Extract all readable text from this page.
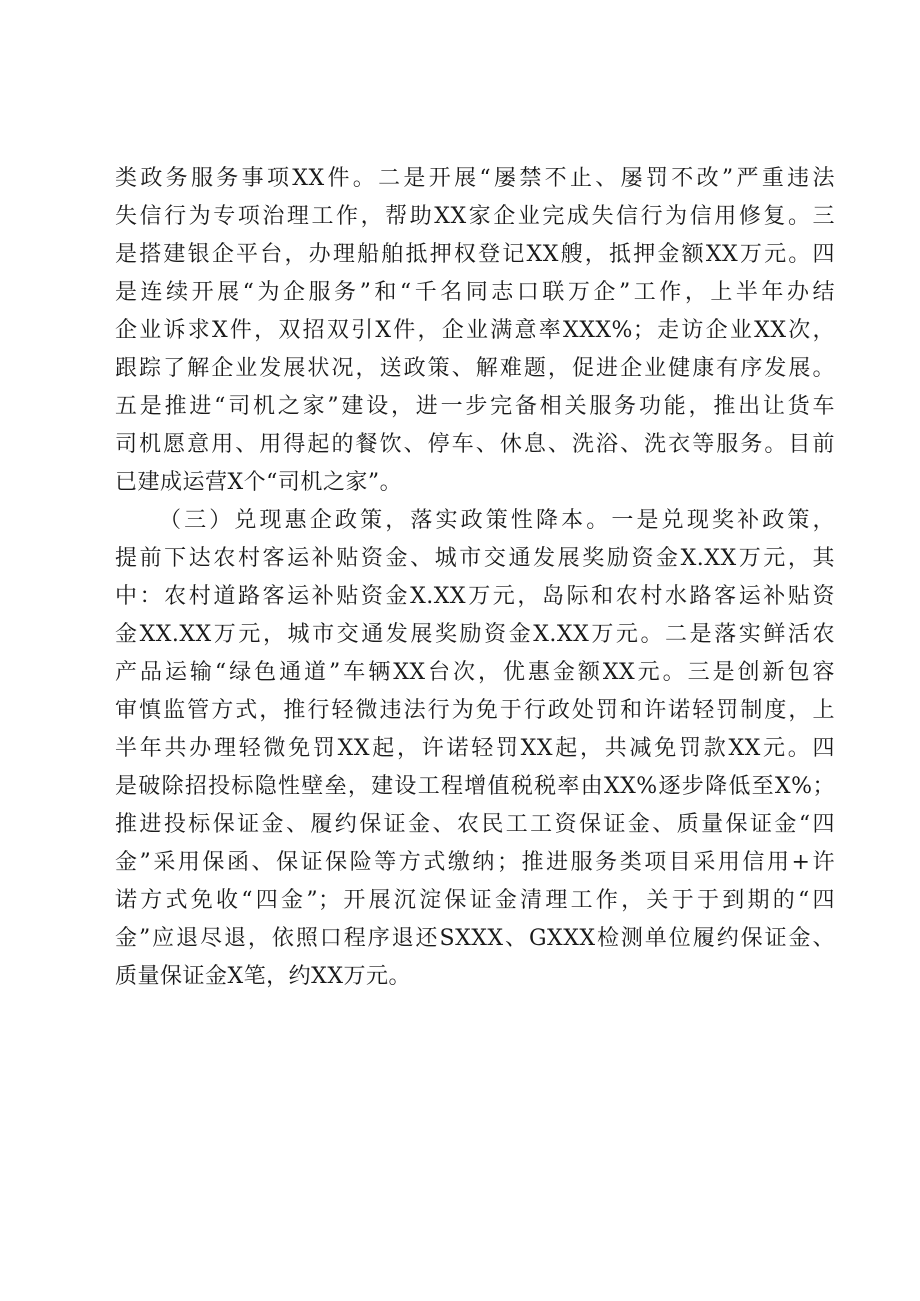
类政务服务事项XX件。二是开展“屡禁不止、屡罚不改”严重违法
失信行为专项治理工作，帮助XX家企业完成失信行为信用修复。三
是搭建银企平台，办理船舶抵押权登记XX艘，抵押金额XX万元。四
是连续开展“为企服务”和“千名同志口联万企”工作，上半年办结
企业诉求X件，双招双引X件，企业满意率XXX%；走访企业XX次，
跟踪了解企业发展状况，送政策、解难题，促进企业健康有序发展。
五是推进“司机之家”建设，进一步完备相关服务功能，推出让货车
司机愿意用、用得起的餐饮、停车、休息、洗浴、洗衣等服务。目前
已建成运营X个“司机之家”。
（三）兑现惠企政策，落实政策性降本。一是兑现奖补政策，
提前下达农村客运补贴资金、城市交通发展奖励资金X.XX万元，其
中：农村道路客运补贴资金X.XX万元，岛际和农村水路客运补贴资
金XX.XX万元，城市交通发展奖励资金X.XX万元。二是落实鲜活农
产品运输“绿色通道”车辆XX台次，优惠金额XX元。三是创新包容
审慎监管方式，推行轻微违法行为免于行政处罚和许诺轻罚制度，上
半年共办理轻微免罚XX起，许诺轻罚XX起，共减免罚款XX元。四
是破除招投标隐性壁垒，建设工程增值税税率由XX%逐步降低至X%；
推进投标保证金、履约保证金、农民工工资保证金、质量保证金“四
金”采用保函、保证保险等方式缴纳；推进服务类项目采用信用+许
诺方式免收“四金”；开展沉淀保证金清理工作，关于于到期的“四
金”应退尽退，依照口程序退还SXXX、GXXX检测单位履约保证金、
质量保证金X笔，约XX万元。
